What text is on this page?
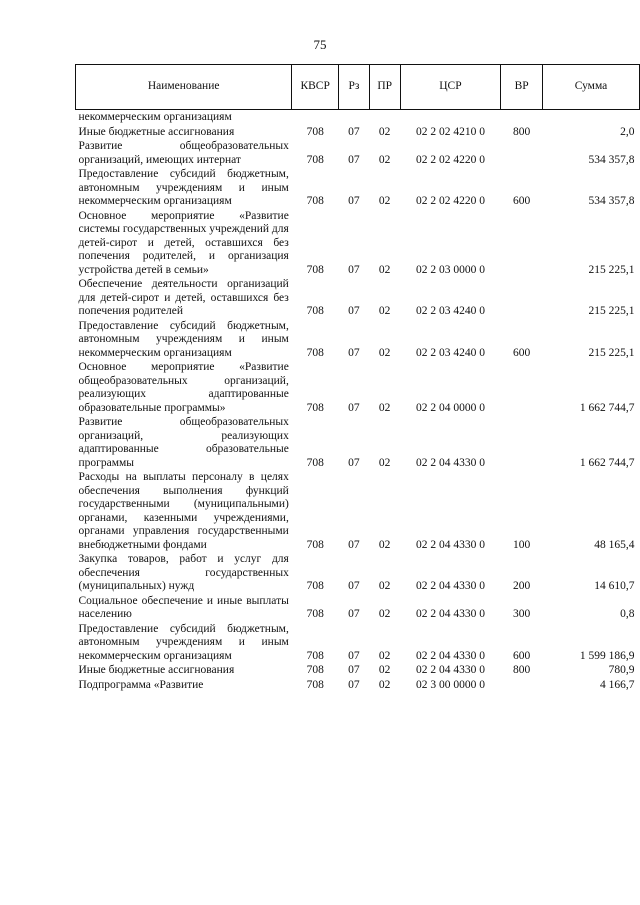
75
Наименование	КВСР	Рз	ПР	ЦСР	ВР	Сумма
некоммерческим организациям						
Иные бюджетные ассигнования	708	07	02	02 2 02 4210 0	800	2,0
Развитие общеобразовательных организаций, имеющих интернат	708	07	02	02 2 02 4220 0		534 357,8
Предоставление субсидий бюджетным, автономным учреждениям и иным некоммерческим организациям	708	07	02	02 2 02 4220 0	600	534 357,8
Основное мероприятие «Развитие системы государственных учреждений для детей-сирот и детей, оставшихся без попечения родителей, и организация устройства детей в семьи»	708	07	02	02 2 03 0000 0		215 225,1
Обеспечение деятельности организаций для детей-сирот и детей, оставшихся без попечения родителей	708	07	02	02 2 03 4240 0		215 225,1
Предоставление субсидий бюджетным, автономным учреждениям и иным некоммерческим организациям	708	07	02	02 2 03 4240 0	600	215 225,1
Основное мероприятие «Развитие общеобразовательных организаций, реализующих адаптированные образовательные программы»	708	07	02	02 2 04 0000 0		1 662 744,7
Развитие общеобразовательных организаций, реализующих адаптированные образовательные программы	708	07	02	02 2 04 4330 0		1 662 744,7
Расходы на выплаты персоналу в целях обеспечения выполнения функций государственными (муниципальными) органами, казенными учреждениями, органами управления государственными внебюджетными фондами	708	07	02	02 2 04 4330 0	100	48 165,4
Закупка товаров, работ и услуг для обеспечения государственных (муниципальных) нужд	708	07	02	02 2 04 4330 0	200	14 610,7
Социальное обеспечение и иные выплаты населению	708	07	02	02 2 04 4330 0	300	0,8
Предоставление субсидий бюджетным, автономным учреждениям и иным некоммерческим организациям	708	07	02	02 2 04 4330 0	600	1 599 186,9
Иные бюджетные ассигнования	708	07	02	02 2 04 4330 0	800	780,9
Подпрограмма «Развитие	708	07	02	02 3 00 0000 0		4 166,7
